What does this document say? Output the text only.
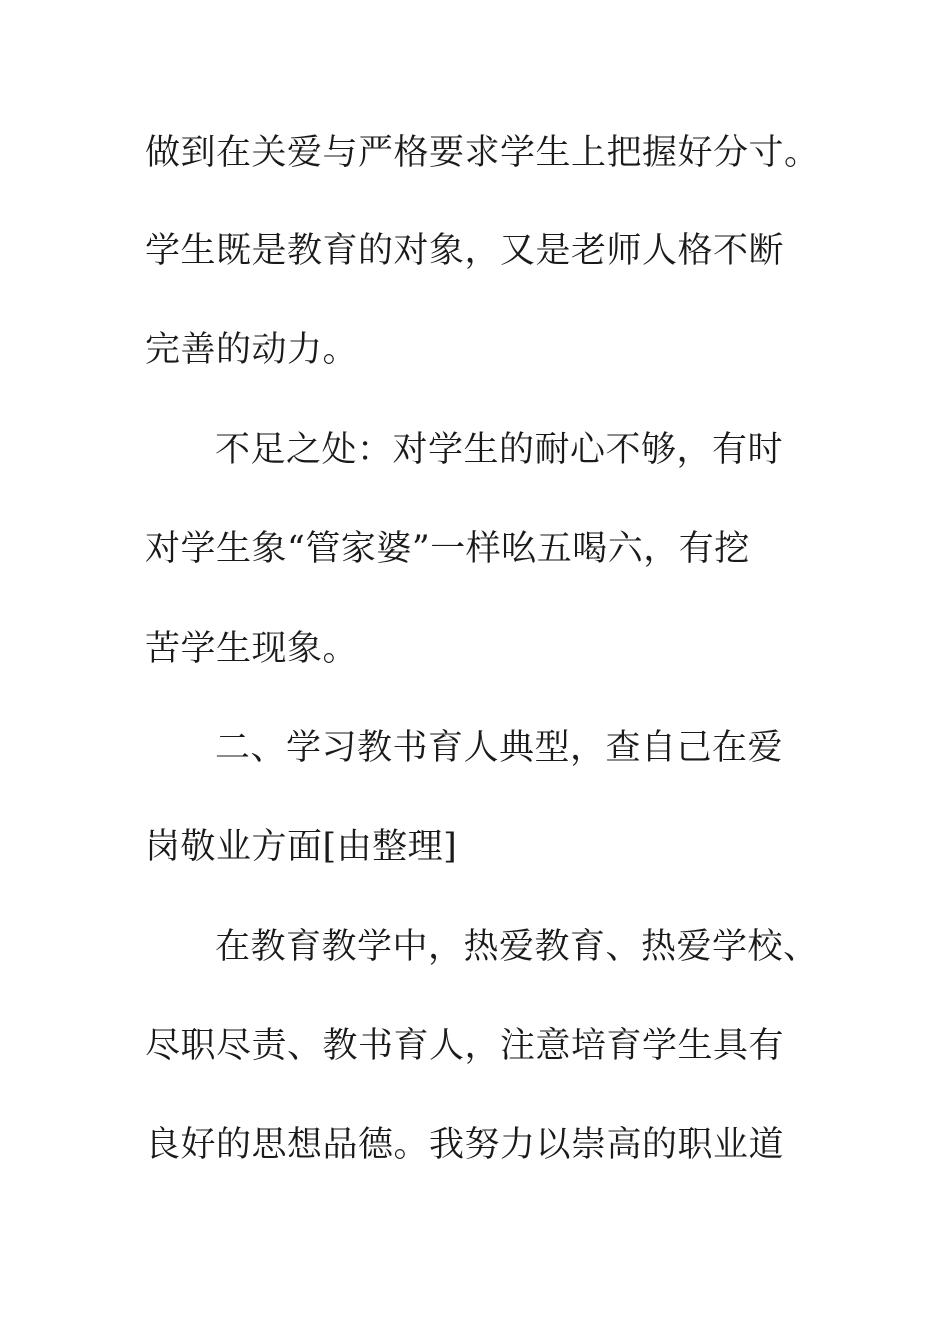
做到在关爱与严格要求学生上把握好分寸。
学生既是教育的对象，又是老师人格不断
完善的动力。
不足之处：对学生的耐心不够，有时
对学生象“管家婆”一样吆五喝六，有挖
苦学生现象。
二、学习教书育人典型，查自己在爱
岗敬业方面[由整理]
在教育教学中，热爱教育、热爱学校、
尽职尽责、教书育人，注意培育学生具有
良好的思想品德。我努力以崇高的职业道
